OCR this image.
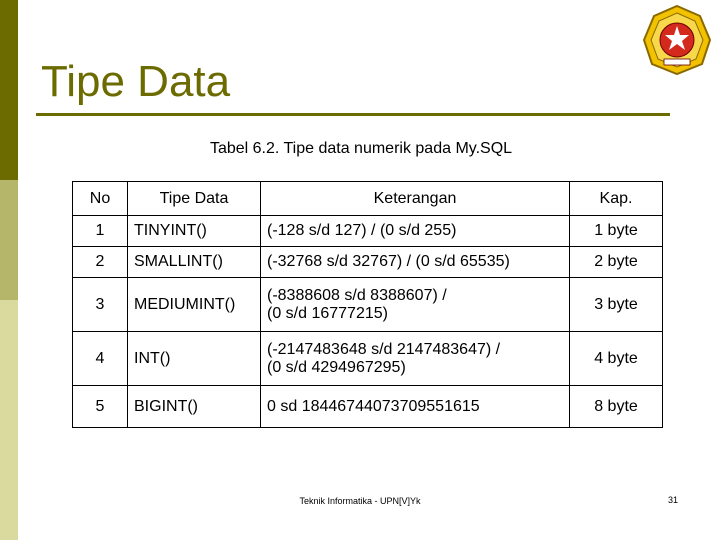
Tipe Data
Tabel 6.2. Tipe data numerik pada My.SQL
No	Tipe Data	Keterangan	Kap.
1	TINYINT()	(-128 s/d 127) / (0 s/d 255)	1 byte
2	SMALLINT()	(-32768 s/d 32767) / (0 s/d 65535)	2 byte
3	MEDIUMINT()	(-8388608 s/d 8388607) /
(0 s/d 16777215)	3 byte
4	INT()	(-2147483648 s/d 2147483647) /
(0 s/d 4294967295)	4 byte
5	BIGINT()	0 sd 18446744073709551615	8 byte
Teknik Informatika - UPN[V]Yk	31
